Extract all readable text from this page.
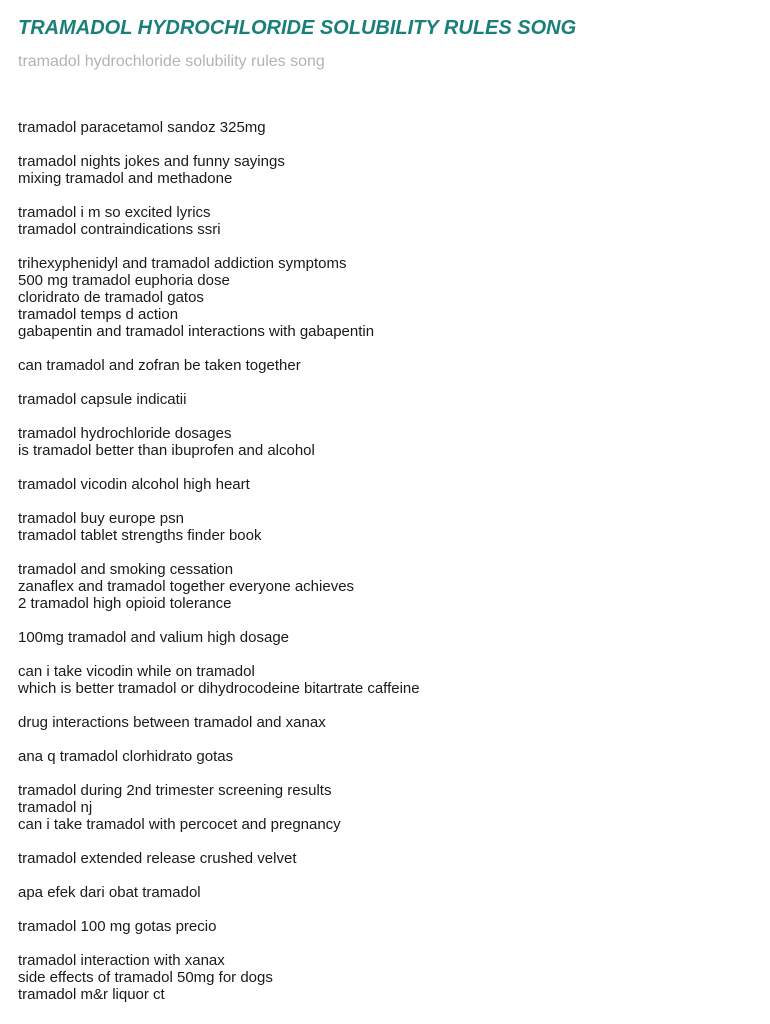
TRAMADOL HYDROCHLORIDE SOLUBILITY RULES SONG

tramadol hydrochloride solubility rules song

tramadol paracetamol sandoz 325mg
tramadol nights jokes and funny sayings
mixing tramadol and methadone
tramadol i m so excited lyrics
tramadol contraindications ssri
trihexyphenidyl and tramadol addiction symptoms
500 mg tramadol euphoria dose
cloridrato de tramadol gatos
tramadol temps d action
gabapentin and tramadol interactions with gabapentin
can tramadol and zofran be taken together
tramadol capsule indicatii
tramadol hydrochloride dosages
is tramadol better than ibuprofen and alcohol
tramadol vicodin alcohol high heart
tramadol buy europe psn
tramadol tablet strengths finder book
tramadol and smoking cessation
zanaflex and tramadol together everyone achieves
2 tramadol high opioid tolerance
100mg tramadol and valium high dosage
can i take vicodin while on tramadol
which is better tramadol or dihydrocodeine bitartrate caffeine
drug interactions between tramadol and xanax
ana q tramadol clorhidrato gotas
tramadol during 2nd trimester screening results
tramadol nj
can i take tramadol with percocet and pregnancy
tramadol extended release crushed velvet
apa efek dari obat tramadol
tramadol 100 mg gotas precio
tramadol interaction with xanax
side effects of tramadol 50mg for dogs
tramadol m&r liquor ct
